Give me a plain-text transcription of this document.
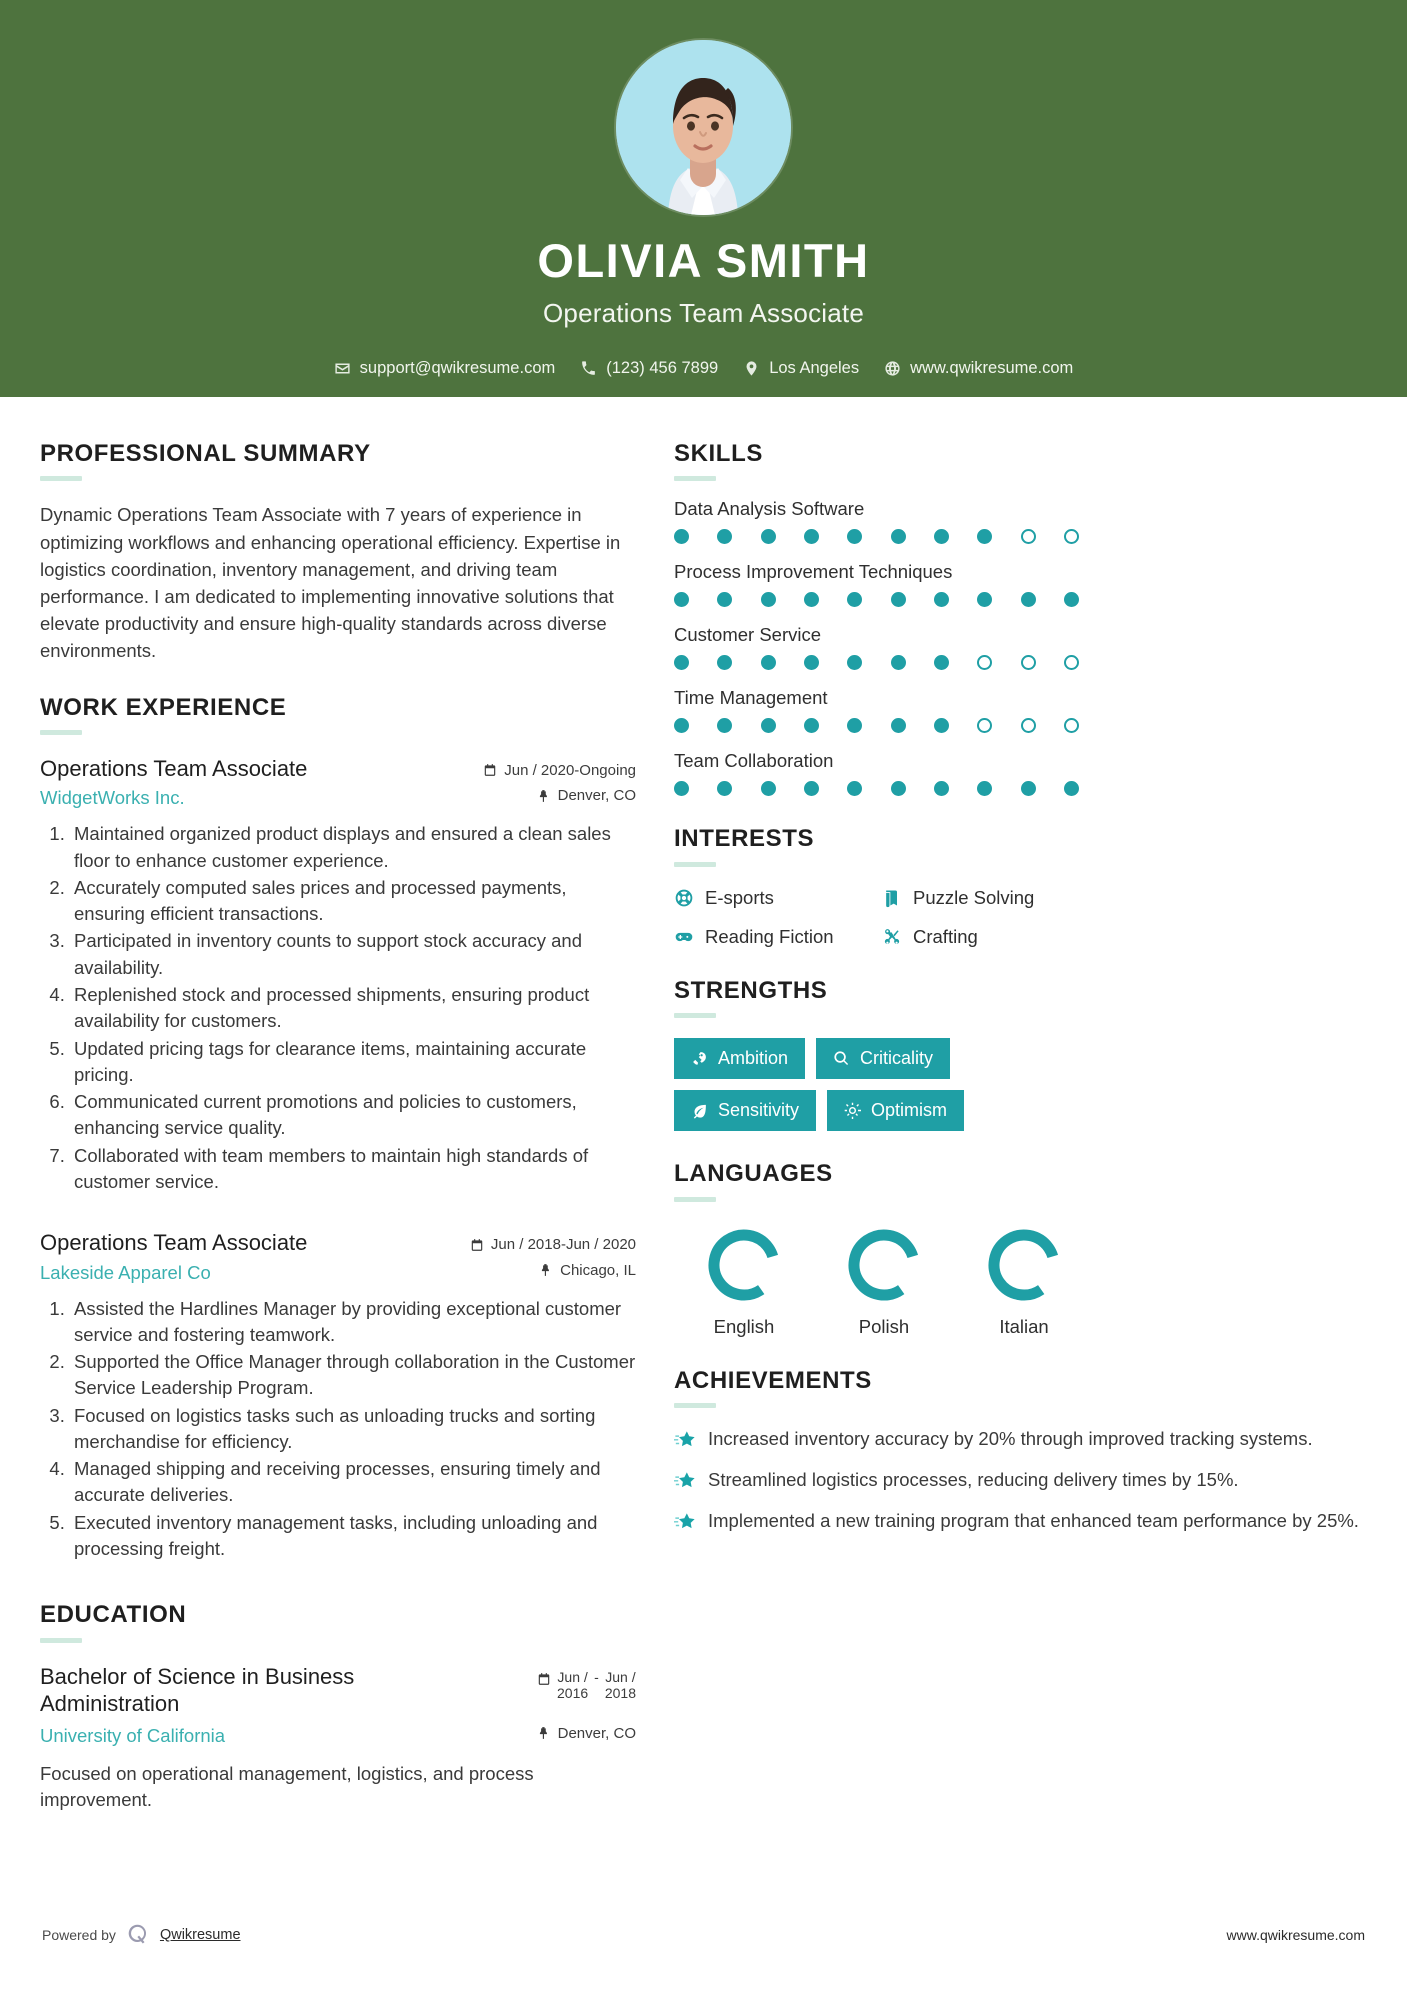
OLIVIA SMITH
Operations Team Associate
support@qwikresume.com	(123) 456 7899	Los Angeles	www.qwikresume.com
PROFESSIONAL SUMMARY

Dynamic Operations Team Associate with 7 years of experience in optimizing workflows and enhancing operational efficiency. Expertise in logistics coordination, inventory management, and driving team performance. I am dedicated to implementing innovative solutions that elevate productivity and ensure high-quality standards across diverse environments.

WORK EXPERIENCE
Operations Team Associate	Jun / 2020-Ongoing
WidgetWorks Inc.	Denver, CO
1. Maintained organized product displays and ensured a clean sales floor to enhance customer experience.
2. Accurately computed sales prices and processed payments, ensuring efficient transactions.
3. Participated in inventory counts to support stock accuracy and availability.
4. Replenished stock and processed shipments, ensuring product availability for customers.
5. Updated pricing tags for clearance items, maintaining accurate pricing.
6. Communicated current promotions and policies to customers, enhancing service quality.
7. Collaborated with team members to maintain high standards of customer service.
Operations Team Associate	Jun / 2018-Jun / 2020
Lakeside Apparel Co	Chicago, IL
1. Assisted the Hardlines Manager by providing exceptional customer service and fostering teamwork.
2. Supported the Office Manager through collaboration in the Customer Service Leadership Program.
3. Focused on logistics tasks such as unloading trucks and sorting merchandise for efficiency.
4. Managed shipping and receiving processes, ensuring timely and accurate deliveries.
5. Executed inventory management tasks, including unloading and processing freight.
EDUCATION
Bachelor of Science in Business Administration
Jun /
2016
- Jun /
2018
University of California	Denver, CO
Focused on operational management, logistics, and process improvement.
SKILLS
Data Analysis Software
Process Improvement Techniques
Customer Service
Time Management
Team Collaboration
INTERESTS
E-sports	Puzzle Solving
Reading Fiction	Crafting
STRENGTHS
Ambition	Criticality
Sensitivity	Optimism
LANGUAGES
English	Polish	Italian
ACHIEVEMENTS
Increased inventory accuracy by 20% through improved tracking systems.
Streamlined logistics processes, reducing delivery times by 15%.
Implemented a new training program that enhanced team performance by 25%.
Powered by	Qwikresume	www.qwikresume.com
